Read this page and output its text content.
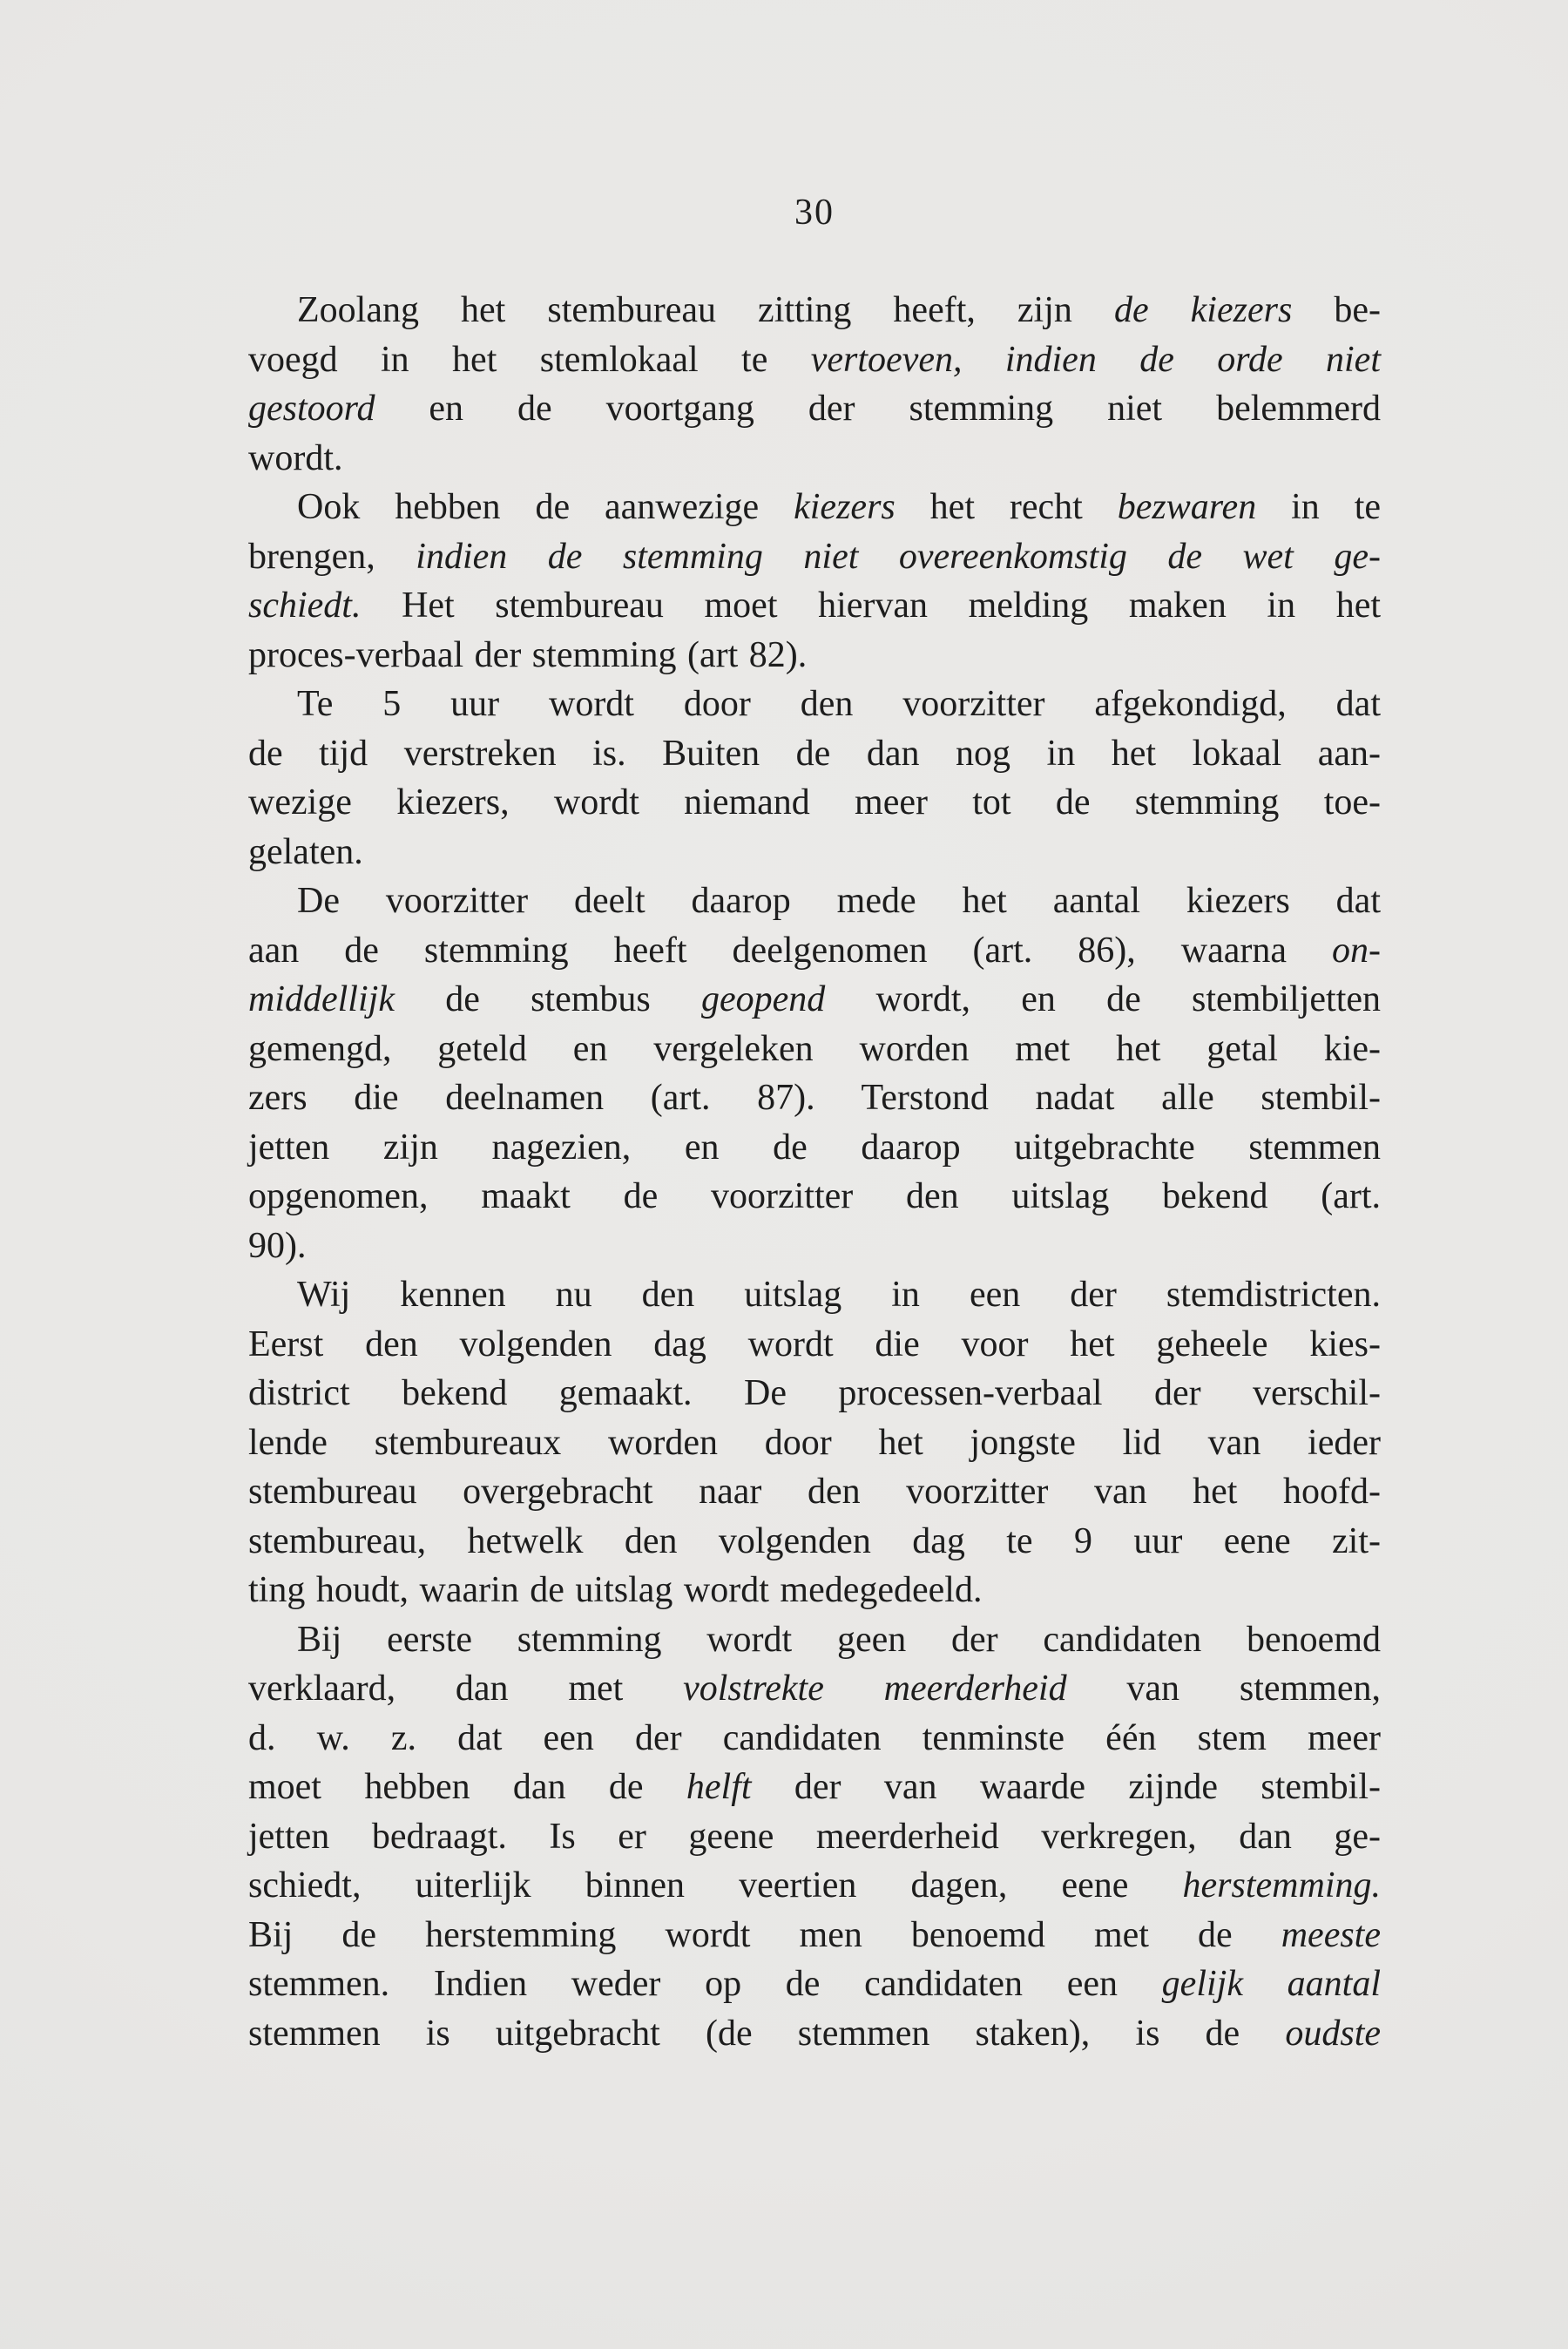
30
Zoolang het stembureau zitting heeft, zijn de kiezers be-
voegd in het stemlokaal te vertoeven, indien de orde niet
gestoord en de voortgang der stemming niet belemmerd
wordt.
Ook hebben de aanwezige kiezers het recht bezwaren in te
brengen, indien de stemming niet overeenkomstig de wet ge-
schiedt. Het stembureau moet hiervan melding maken in het
proces-verbaal der stemming (art 82).
Te 5 uur wordt door den voorzitter afgekondigd, dat
de tijd verstreken is. Buiten de dan nog in het lokaal aan-
wezige kiezers, wordt niemand meer tot de stemming toe-
gelaten.
De voorzitter deelt daarop mede het aantal kiezers dat
aan de stemming heeft deelgenomen (art. 86), waarna on-
middellijk de stembus geopend wordt, en de stembiljetten
gemengd, geteld en vergeleken worden met het getal kie-
zers die deelnamen (art. 87). Terstond nadat alle stembil-
jetten zijn nagezien, en de daarop uitgebrachte stemmen
opgenomen, maakt de voorzitter den uitslag bekend (art.
90).
Wij kennen nu den uitslag in een der stemdistricten.
Eerst den volgenden dag wordt die voor het geheele kies-
district bekend gemaakt. De processen-verbaal der verschil-
lende stembureaux worden door het jongste lid van ieder
stembureau overgebracht naar den voorzitter van het hoofd-
stembureau, hetwelk den volgenden dag te 9 uur eene zit-
ting houdt, waarin de uitslag wordt medegedeeld.
Bij eerste stemming wordt geen der candidaten benoemd
verklaard, dan met volstrekte meerderheid van stemmen,
d. w. z. dat een der candidaten tenminste één stem meer
moet hebben dan de helft der van waarde zijnde stembil-
jetten bedraagt. Is er geene meerderheid verkregen, dan ge-
schiedt, uiterlijk binnen veertien dagen, eene herstemming.
Bij de herstemming wordt men benoemd met de meeste
stemmen. Indien weder op de candidaten een gelijk aantal
stemmen is uitgebracht (de stemmen staken), is de oudste
